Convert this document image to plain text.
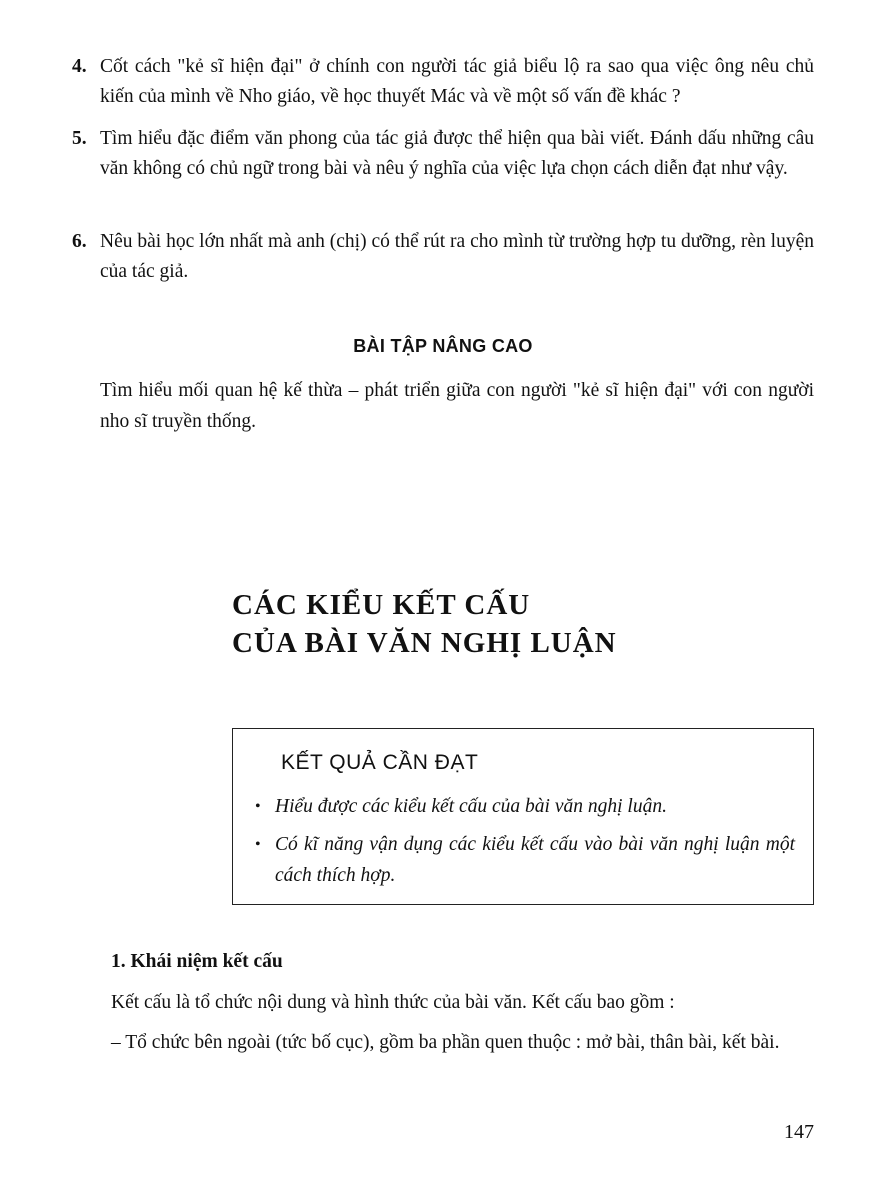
4. Cốt cách "kẻ sĩ hiện đại" ở chính con người tác giả biểu lộ ra sao qua việc ông nêu chủ kiến của mình về Nho giáo, về học thuyết Mác và về một số vấn đề khác ?
5. Tìm hiểu đặc điểm văn phong của tác giả được thể hiện qua bài viết. Đánh dấu những câu văn không có chủ ngữ trong bài và nêu ý nghĩa của việc lựa chọn cách diễn đạt như vậy.
6. Nêu bài học lớn nhất mà anh (chị) có thể rút ra cho mình từ trường hợp tu dưỡng, rèn luyện của tác giả.
BÀI TẬP NÂNG CAO
Tìm hiểu mối quan hệ kế thừa – phát triển giữa con người "kẻ sĩ hiện đại" với con người nho sĩ truyền thống.
CÁC KIỂU KẾT CẤU
CỦA BÀI VĂN NGHỊ LUẬN
KẾT QUẢ CẦN ĐẠT
• Hiểu được các kiểu kết cấu của bài văn nghị luận.
• Có kĩ năng vận dụng các kiểu kết cấu vào bài văn nghị luận một cách thích hợp.
1. Khái niệm kết cấu
Kết cấu là tổ chức nội dung và hình thức của bài văn. Kết cấu bao gồm :
– Tổ chức bên ngoài (tức bố cục), gồm ba phần quen thuộc : mở bài, thân bài, kết bài.
147
